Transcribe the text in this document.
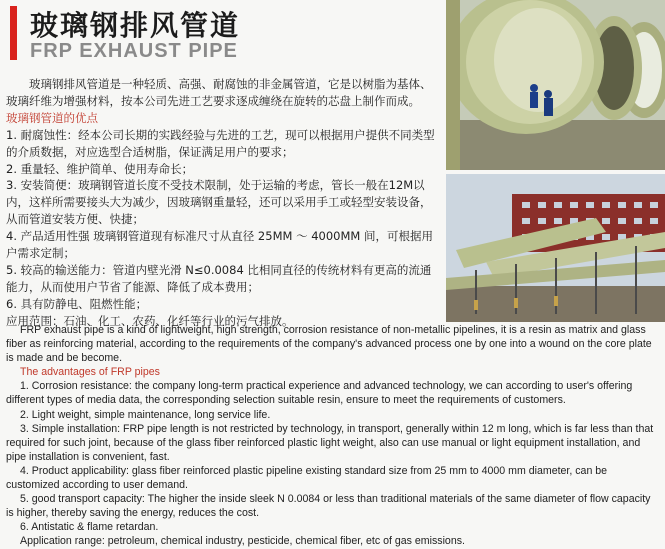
玻璃钢排风管道
FRP EXHAUST PIPE

玻璃钢排风管道是一种轻质、高强、耐腐蚀的非金属管道，它是以树脂为基体、玻璃纤维为增强材料，按本公司先进工艺要求逐成缠绕在旋转的芯盘上制作而成。

玻璃钢管道的优点

1. 耐腐蚀性：经本公司长期的实践经验与先进的工艺，现可以根据用户提供不同类型的介质数据，对应选型合适树脂，保证满足用户的要求；

2. 重量轻、维护简单、使用寿命长；

3. 安装简便：玻璃钢管道长度不受技术限制，处于运输的考虑，管长一般在12M以内，这样所需要接头大为减少，因玻璃钢重量轻，还可以采用手工或轻型安装设备，从而管道安装方便、快捷；

4. 产品适用性强 玻璃钢管道现有标准尺寸从直径 25MM ～ 4000MM 间，可根据用户需求定制；

5. 较高的输送能力：管道内壁光滑 N≤0.0084 比相同直径的传统材料有更高的流通能力，从而使用户节省了能源、降低了成本费用；

6. 具有防静电、阻燃性能；

应用范围：石油、化工、农药、化纤等行业的污气排放。

FRP exhaust pipe is a kind of lightweight, high strength, corrosion resistance of non-metallic pipelines, it is a resin as matrix and glass fiber as reinforcing material, according to the requirements of the company's advanced process one by one into a wound on the core plate is made and be become.

The advantages of FRP pipes

1. Corrosion resistance: the company long-term practical experience and advanced technology, we can according to user's offering different types of media data, the corresponding selection suitable resin, ensure to meet the requirements of customers.

2. Light weight, simple maintenance, long service life.

3. Simple installation: FRP pipe length is not restricted by technology, in transport, generally within 12 m long, which is far less than that required for such joint, because of the glass fiber reinforced plastic light weight, also can use manual or light equipment installation, and pipe installation is convenient, fast.

4. Product applicability: glass fiber reinforced plastic pipeline existing standard size from 25 mm to 4000 mm diameter, can be customized according to user demand.

5. good transport capacity: The higher the inside sleek N 0.0084 or less than traditional materials of the same diameter of flow capacity is higher, thereby saving the energy, reduces the cost.

6. Antistatic & flame retardan.

Application range: petroleum, chemical industry, pesticide, chemical fiber, etc of gas emissions.
